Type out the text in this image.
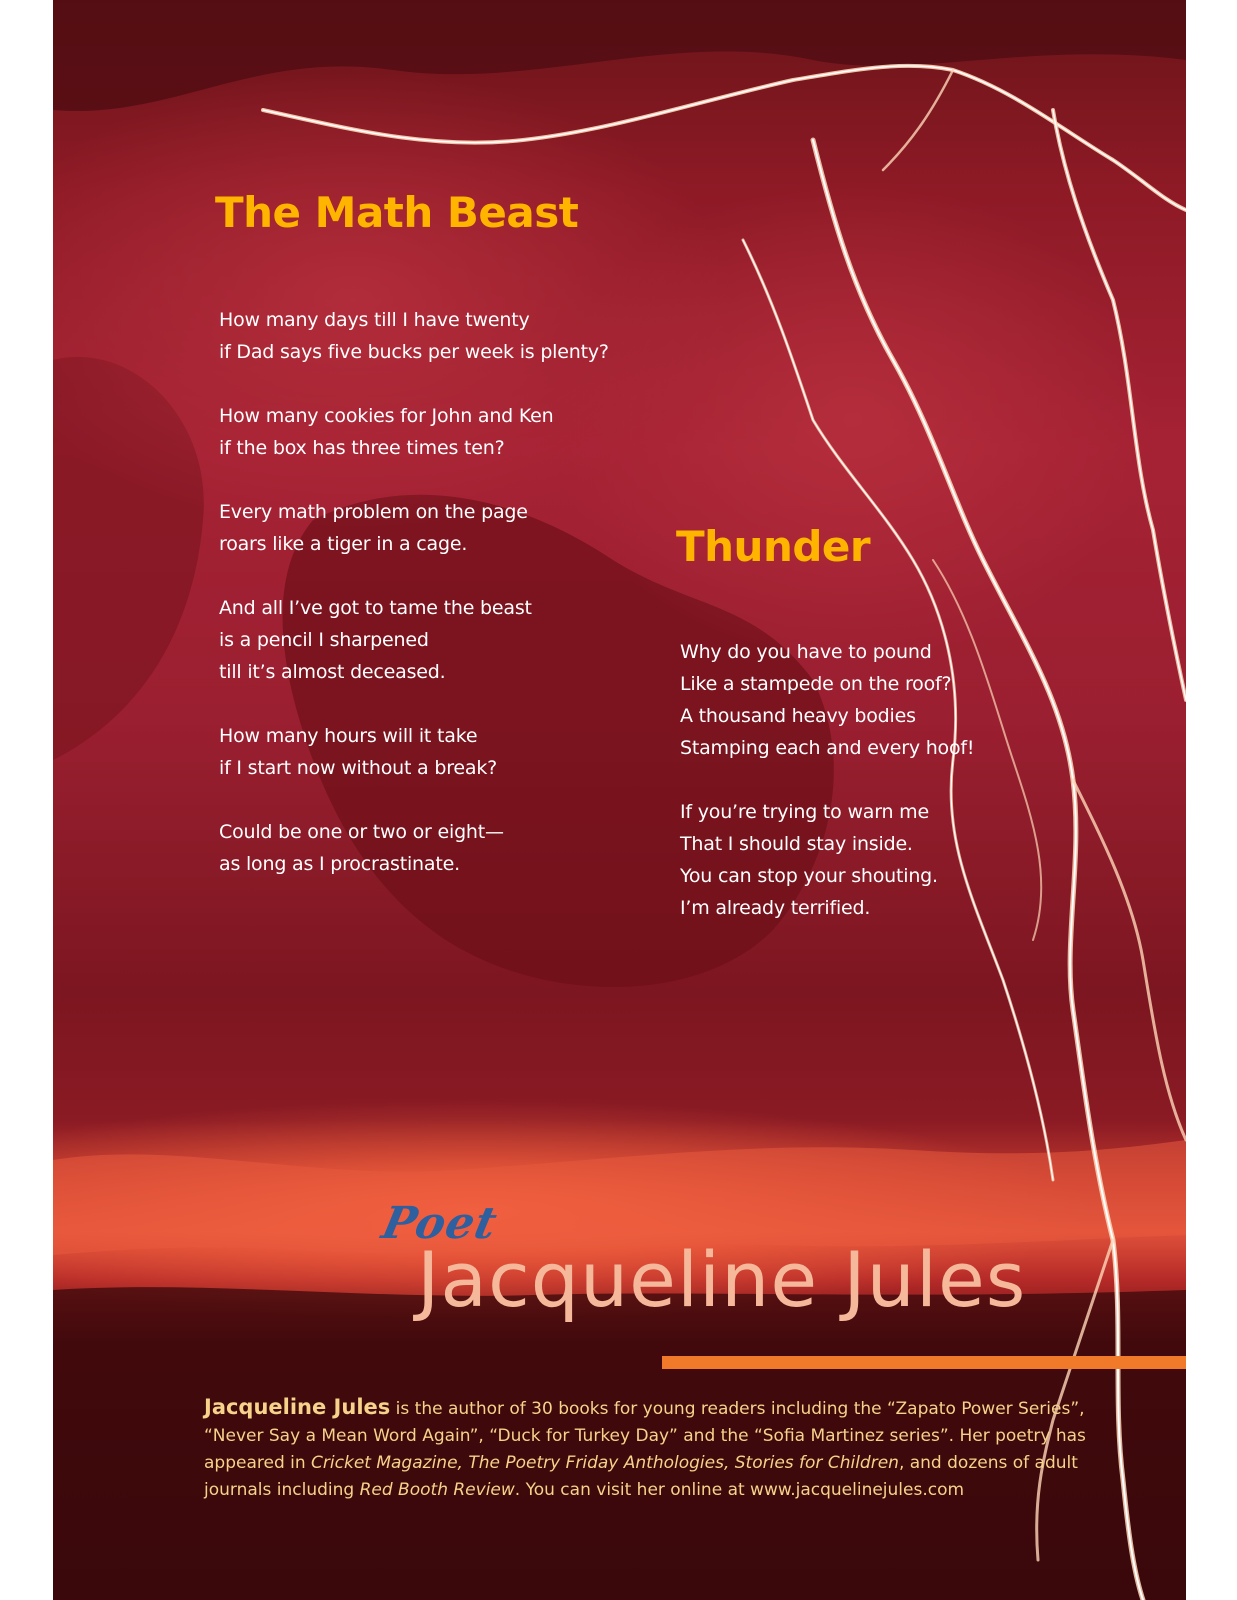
The Math Beast

How many days till I have twenty
if Dad says five bucks per week is plenty?

How many cookies for John and Ken
if the box has three times ten?

Every math problem on the page
roars like a tiger in a cage.

And all I’ve got to tame the beast
is a pencil I sharpened
till it’s almost deceased.

How many hours will it take
if I start now without a break?

Could be one or two or eight—
as long as I procrastinate.

Thunder

Why do you have to pound
Like a stampede on the roof?
A thousand heavy bodies
Stamping each and every hoof!

If you’re trying to warn me
That I should stay inside.
You can stop your shouting.
I’m already terrified.

Poet
Jacqueline Jules

Jacqueline Jules is the author of 30 books for young readers including the “Zapato Power Series”,
“Never Say a Mean Word Again”, “Duck for Turkey Day” and the “Sofia Martinez series”. Her poetry has
appeared in Cricket Magazine, The Poetry Friday Anthologies, Stories for Children, and dozens of adult
journals including Red Booth Review. You can visit her online at www.jacquelinejules.com
